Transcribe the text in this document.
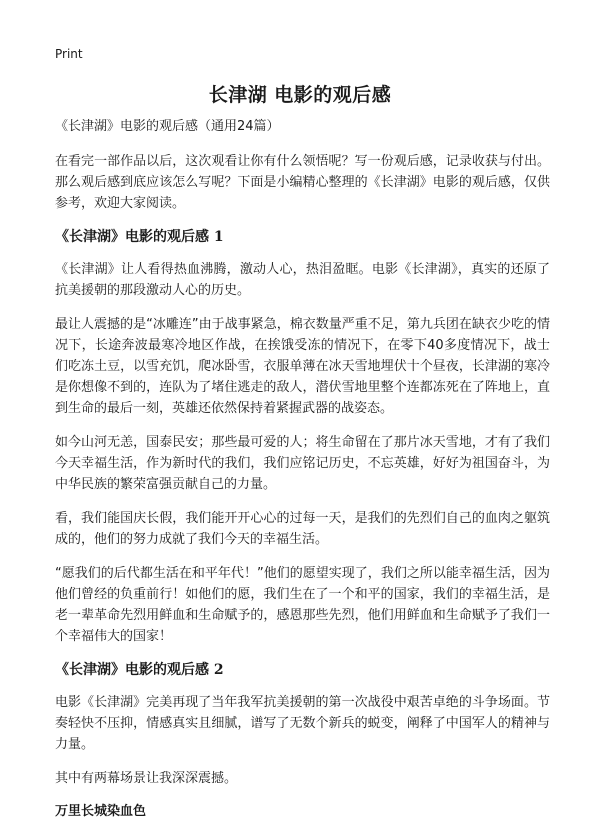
Print
长津湖 电影的观后感
《长津湖》电影的观后感（通用24篇）

在看完一部作品以后，这次观看让你有什么领悟呢？写一份观后感，记录收获与付出。那么观后感到底应该怎么写呢？下面是小编精心整理的《长津湖》电影的观后感，仅供参考，欢迎大家阅读。

《长津湖》电影的观后感 1

《长津湖》让人看得热血沸腾，激动人心，热泪盈眶。电影《长津湖》，真实的还原了抗美援朝的那段激动人心的历史。

最让人震撼的是“冰雕连”由于战事紧急，棉衣数量严重不足，第九兵团在缺衣少吃的情况下，长途奔波最寒冷地区作战，在挨饿受冻的情况下，在零下40多度情况下，战士们吃冻土豆，以雪充饥，爬冰卧雪，衣服单薄在冰天雪地埋伏十个昼夜，长津湖的寒冷是你想像不到的，连队为了堵住逃走的敌人，潜伏雪地里整个连都冻死在了阵地上，直到生命的最后一刻，英雄还依然保持着紧握武器的战姿态。

如今山河无恙，国泰民安；那些最可爱的人；将生命留在了那片冰天雪地，才有了我们今天幸福生活，作为新时代的我们，我们应铭记历史，不忘英雄，好好为祖国奋斗，为中华民族的繁荣富强贡献自己的力量。

看，我们能国庆长假，我们能开开心心的过每一天，是我们的先烈们自己的血肉之躯筑成的，他们的努力成就了我们今天的幸福生活。

“愿我们的后代都生活在和平年代！”他们的愿望实现了，我们之所以能幸福生活，因为他们曾经的负重前行！如他们的愿，我们生在了一个和平的国家，我们的幸福生活，是老一辈革命先烈用鲜血和生命赋予的，感恩那些先烈，他们用鲜血和生命赋予了我们一个幸福伟大的国家！

《长津湖》电影的观后感 2

电影《长津湖》完美再现了当年我军抗美援朝的第一次战役中艰苦卓绝的斗争场面。节奏轻快不压抑，情感真实且细腻，谱写了无数个新兵的蜕变，阐释了中国军人的精神与力量。

其中有两幕场景让我深深震撼。

万里长城染血色
